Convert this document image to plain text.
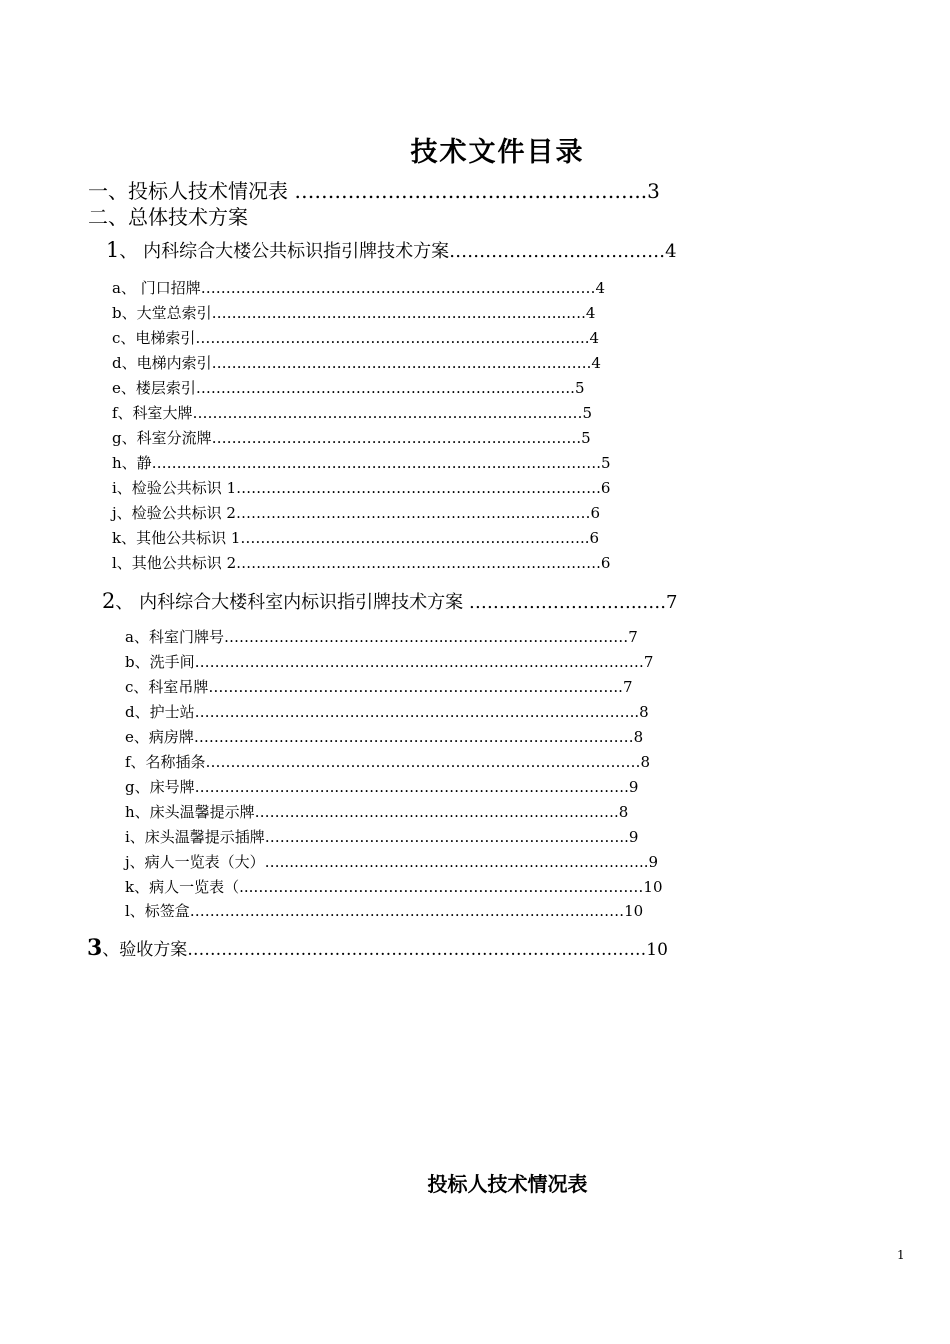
技术文件目录
一、投标人技术情况表 ……………………………………………..3
二、总体技术方案
1、 内科综合大楼公共标识指引牌技术方案………………………………4
a、 门口招牌……………………………………………………………….……4
b、大堂总索引……………………………………………………………..….4
c、电梯索引…………………………………………………………………....4
d、电梯内索引………………………………………………………………….4
e、楼层索引……………………………………………………..…………..5
f、科室大牌……………………………………………………………………5
g、科室分流牌………………………………………………….…………….5
h、静……………………………………………………………..……………….5
i、检验公共标识 1……………………………………………………………….6
j、检验公共标识 2………………………………………………..……………6
k、其他公共标识 1………………………………………………..…………..6
l、其他公共标识 2……………………………………………………………….6
2、 内科综合大楼科室内标识指引牌技术方案 ………………………..….7
a、科室门牌号……………………………………...………………………………7
b、洗手间………………………………………...……………………………………7
c、科室吊牌………………………………………………………………………..7
d、护士站……………………………………………………………………………..8
e、病房牌……………………….……………………………………………………8
f、名称插条……………………………………………………………………………8
g、床号牌………………………..………………………………………………….9
h、床头温馨提示牌…………...………………………………………………….8
i、床头温馨提示插牌……..………………………………………………………..9
j、病人一览表（大）…...……………………………………………………………..9
k、病人一览表（...……………………………………………………………………10
l、标签盒……………………………………………………………………...……10
3、验收方案………………………………………………………………………10
投标人技术情况表
1
